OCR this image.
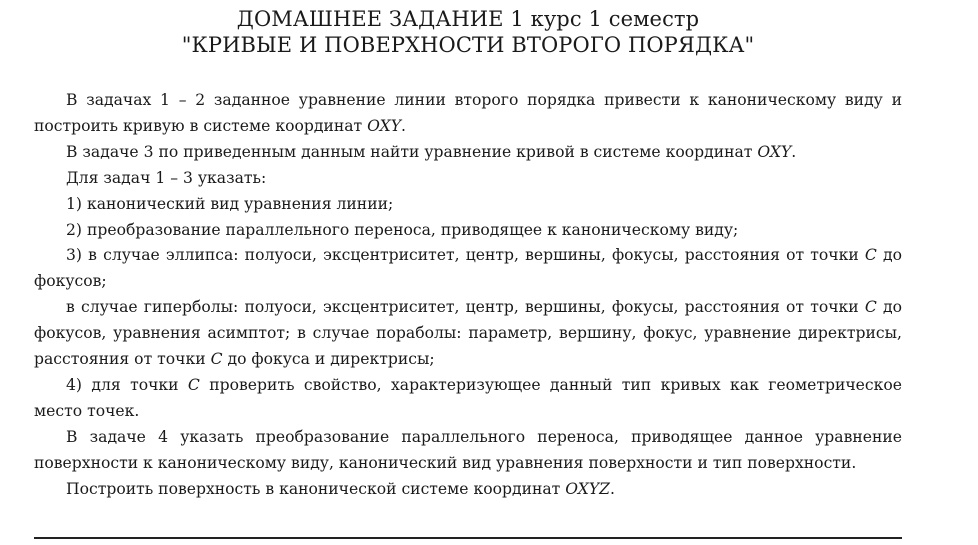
ДОМАШНЕЕ ЗАДАНИЕ 1 курс 1 семестр
"КРИВЫЕ И ПОВЕРХНОСТИ ВТОРОГО ПОРЯДКА"

В задачах 1 – 2 заданное уравнение линии второго порядка привести к каноническому виду и построить кривую в системе координат OXY.

В задаче 3 по приведенным данным найти уравнение кривой в системе координат OXY.

Для задач 1 – 3 указать:

1) канонический вид уравнения линии;

2) преобразование параллельного переноса, приводящее к каноническому виду;

3) в случае эллипса: полуоси, эксцентриситет, центр, вершины, фокусы, расстояния от точки C до фокусов;

в случае гиперболы: полуоси, эксцентриситет, центр, вершины, фокусы, расстояния от точки C до фокусов, уравнения асимптот; в случае пораболы: параметр, вершину, фокус, уравнение директрисы, расстояния от точки C до фокуса и директрисы;

4) для точки C проверить свойство, характеризующее данный тип кривых как геометрическое место точек.

В задаче 4 указать преобразование параллельного переноса, приводящее данное уравнение поверхности к каноническому виду, канонический вид уравнения поверхности и тип поверхности.

Построить поверхность в канонической системе координат OXYZ.
